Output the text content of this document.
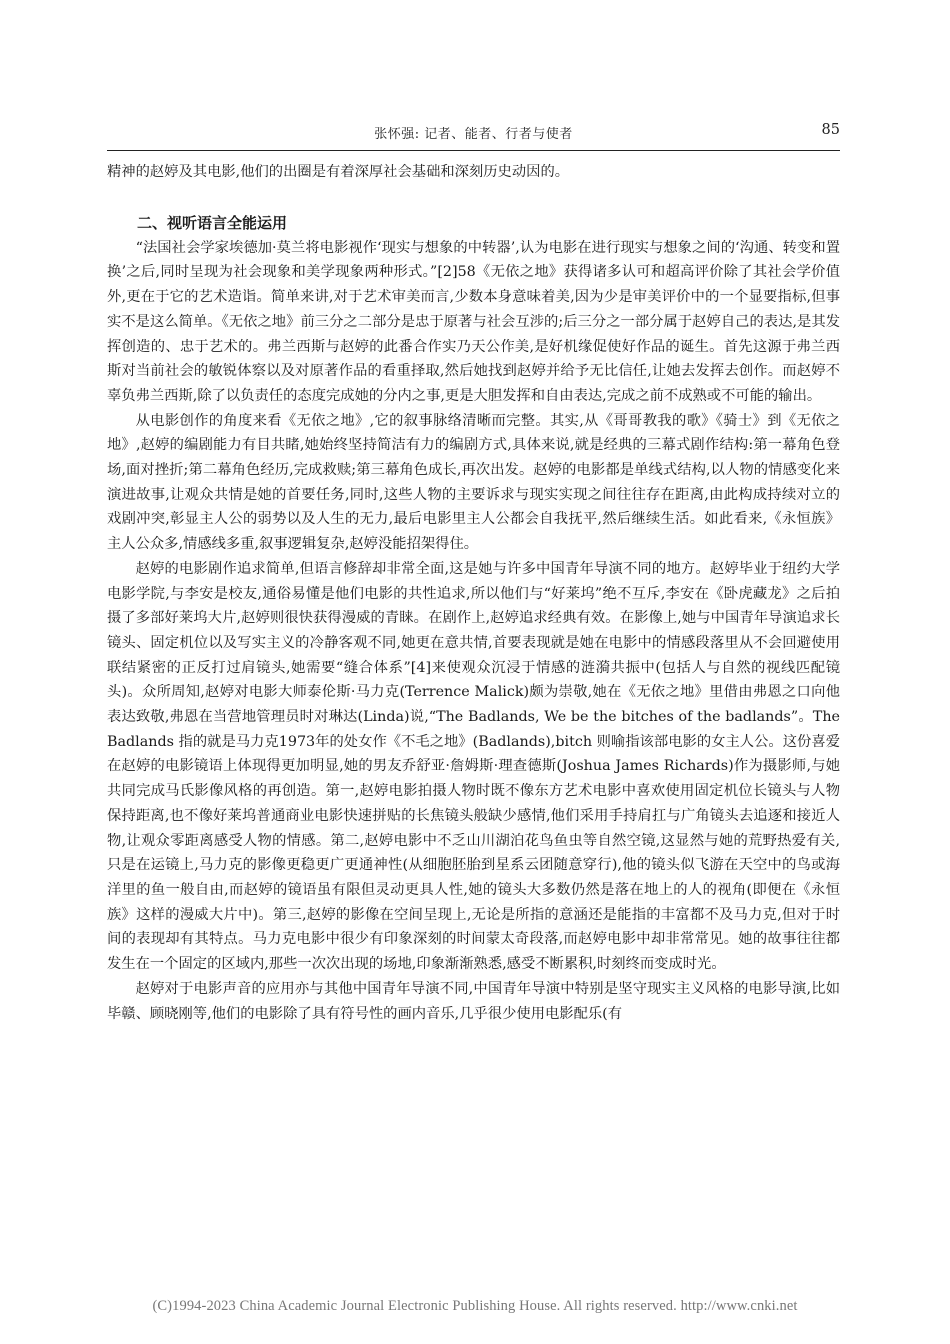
张怀强: 记者、能者、行者与使者	85

精神的赵婷及其电影,他们的出圈是有着深厚社会基础和深刻历史动因的。

二、视听语言全能运用

“法国社会学家埃德加·莫兰将电影视作‘现实与想象的中转器’,认为电影在进行现实与想象之间的‘沟通、转变和置换’之后,同时呈现为社会现象和美学现象两种形式。”[2]58《无依之地》获得诸多认可和超高评价除了其社会学价值外,更在于它的艺术造诣。简单来讲,对于艺术审美而言,少数本身意味着美,因为少是审美评价中的一个显要指标,但事实不是这么简单。《无依之地》前三分之二部分是忠于原著与社会互涉的;后三分之一部分属于赵婷自己的表达,是其发挥创造的、忠于艺术的。弗兰西斯与赵婷的此番合作实乃天公作美,是好机缘促使好作品的诞生。首先这源于弗兰西斯对当前社会的敏锐体察以及对原著作品的看重择取,然后她找到赵婷并给予无比信任,让她去发挥去创作。而赵婷不辜负弗兰西斯,除了以负责任的态度完成她的分内之事,更是大胆发挥和自由表达,完成之前不成熟或不可能的输出。

从电影创作的角度来看《无依之地》,它的叙事脉络清晰而完整。其实,从《哥哥教我的歌》《骑士》到《无依之地》,赵婷的编剧能力有目共睹,她始终坚持简洁有力的编剧方式,具体来说,就是经典的三幕式剧作结构:第一幕角色登场,面对挫折;第二幕角色经历,完成救赎;第三幕角色成长,再次出发。赵婷的电影都是单线式结构,以人物的情感变化来演进故事,让观众共情是她的首要任务,同时,这些人物的主要诉求与现实实现之间往往存在距离,由此构成持续对立的戏剧冲突,彰显主人公的弱势以及人生的无力,最后电影里主人公都会自我抚平,然后继续生活。如此看来,《永恒族》主人公众多,情感线多重,叙事逻辑复杂,赵婷没能招架得住。

赵婷的电影剧作追求简单,但语言修辞却非常全面,这是她与许多中国青年导演不同的地方。赵婷毕业于纽约大学电影学院,与李安是校友,通俗易懂是他们电影的共性追求,所以他们与“好莱坞”绝不互斥,李安在《卧虎藏龙》之后拍摄了多部好莱坞大片,赵婷则很快获得漫威的青睐。在剧作上,赵婷追求经典有效。在影像上,她与中国青年导演追求长镜头、固定机位以及写实主义的冷静客观不同,她更在意共情,首要表现就是她在电影中的情感段落里从不会回避使用联结紧密的正反打过肩镜头,她需要“缝合体系”[4]来使观众沉浸于情感的涟漪共振中(包括人与自然的视线匹配镜头)。众所周知,赵婷对电影大师泰伦斯·马力克(Terrence Malick)颇为崇敬,她在《无依之地》里借由弗恩之口向他表达致敬,弗恩在当营地管理员时对琳达(Linda)说,“The Badlands, We be the bitches of the badlands”。The Badlands 指的就是马力克1973年的处女作《不毛之地》(Badlands),bitch 则喻指该部电影的女主人公。这份喜爱在赵婷的电影镜语上体现得更加明显,她的男友乔舒亚·詹姆斯·理查德斯(Joshua James Richards)作为摄影师,与她共同完成马氏影像风格的再创造。第一,赵婷电影拍摄人物时既不像东方艺术电影中喜欢使用固定机位长镜头与人物保持距离,也不像好莱坞普通商业电影快速拼贴的长焦镜头般缺少感情,他们采用手持肩扛与广角镜头去追逐和接近人物,让观众零距离感受人物的情感。第二,赵婷电影中不乏山川湖泊花鸟鱼虫等自然空镜,这显然与她的荒野热爱有关,只是在运镜上,马力克的影像更稳更广更通神性(从细胞胚胎到星系云团随意穿行),他的镜头似飞游在天空中的鸟或海洋里的鱼一般自由,而赵婷的镜语虽有限但灵动更具人性,她的镜头大多数仍然是落在地上的人的视角(即便在《永恒族》这样的漫威大片中)。第三,赵婷的影像在空间呈现上,无论是所指的意涵还是能指的丰富都不及马力克,但对于时间的表现却有其特点。马力克电影中很少有印象深刻的时间蒙太奇段落,而赵婷电影中却非常常见。她的故事往往都发生在一个固定的区域内,那些一次次出现的场地,印象渐渐熟悉,感受不断累积,时刻终而变成时光。

赵婷对于电影声音的应用亦与其他中国青年导演不同,中国青年导演中特别是坚守现实主义风格的电影导演,比如毕赣、顾晓刚等,他们的电影除了具有符号性的画内音乐,几乎很少使用电影配乐(有

(C)1994-2023 China Academic Journal Electronic Publishing House. All rights reserved. http://www.cnki.net
